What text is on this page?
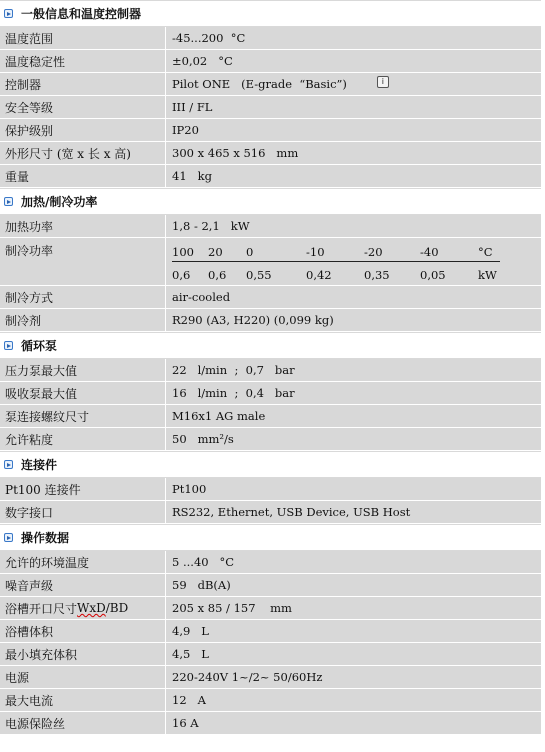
一般信息和温度控制器
温度范围	-45...200  °C
温度稳定性	±0,02   °C
控制器	Pilot ONE   (E-grade  “Basic”)	i
安全等级	III / FL
保护级别	IP20
外形尺寸 (宽 x 长 x 高)	300 x 465 x 516   mm
重量	41   kg
加热/制冷功率
加热功率	1,8 - 2,1   kW
制冷功率	100	20	0	-10	-20	-40	°C
0,6	0,6	0,55	0,42	0,35	0,05	kW
制冷方式	air-cooled
制冷剂	R290 (A3, H220) (0,099 kg)
循环泵
压力泵最大值	22   l/min  ;  0,7   bar
吸收泵最大值	16   l/min  ;  0,4   bar
泵连接螺纹尺寸	M16x1 AG male
允许粘度	50   mm²/s
连接件
Pt100 连接件	Pt100
数字接口	RS232, Ethernet, USB Device, USB Host
操作数据
允许的环境温度	5 ...40   °C
噪音声级	59   dB(A)
浴槽开口尺寸 WxD /BD	205 x 85 / 157    mm
浴槽体积	4,9   L
最小填充体积	4,5   L
电源	220-240V 1~/2~ 50/60Hz
最大电流	12   A
电源保险丝	16 A
